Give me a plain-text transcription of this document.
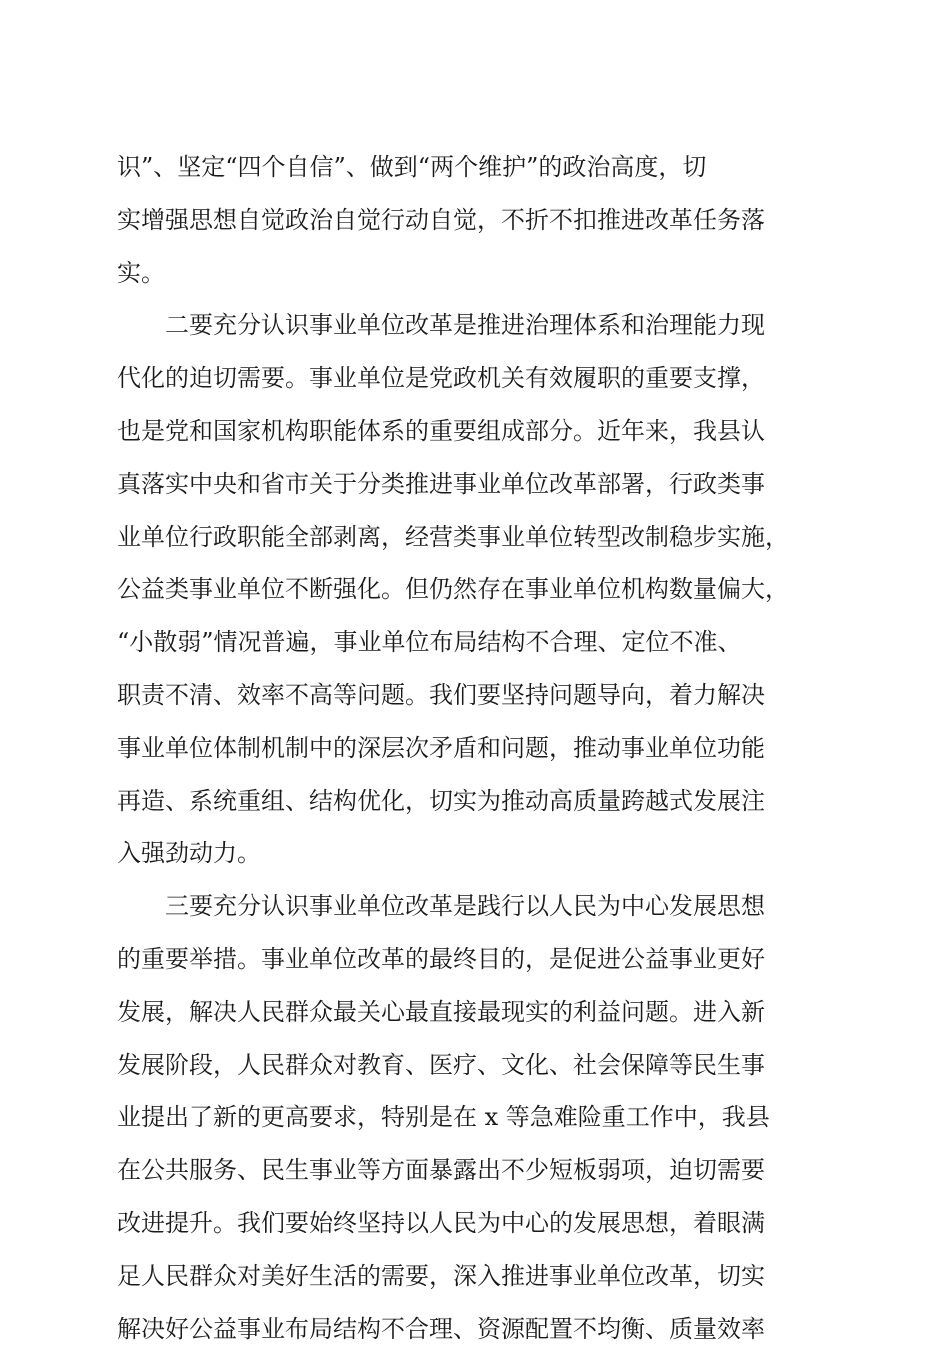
识”、坚定“四个自信”、做到“两个维护”的政治高度，切
实增强思想自觉政治自觉行动自觉，不折不扣推进改革任务落
实。
二要充分认识事业单位改革是推进治理体系和治理能力现
代化的迫切需要。事业单位是党政机关有效履职的重要支撑，
也是党和国家机构职能体系的重要组成部分。近年来，我县认
真落实中央和省市关于分类推进事业单位改革部署，行政类事
业单位行政职能全部剥离，经营类事业单位转型改制稳步实施，
公益类事业单位不断强化。但仍然存在事业单位机构数量偏大，
“小散弱”情况普遍，事业单位布局结构不合理、定位不准、
职责不清、效率不高等问题。我们要坚持问题导向，着力解决
事业单位体制机制中的深层次矛盾和问题，推动事业单位功能
再造、系统重组、结构优化，切实为推动高质量跨越式发展注
入强劲动力。
三要充分认识事业单位改革是践行以人民为中心发展思想
的重要举措。事业单位改革的最终目的，是促进公益事业更好
发展，解决人民群众最关心最直接最现实的利益问题。进入新
发展阶段，人民群众对教育、医疗、文化、社会保障等民生事
业提出了新的更高要求，特别是在 x 等急难险重工作中，我县
在公共服务、民生事业等方面暴露出不少短板弱项，迫切需要
改进提升。我们要始终坚持以人民为中心的发展思想，着眼满
足人民群众对美好生活的需要，深入推进事业单位改革，切实
解决好公益事业布局结构不合理、资源配置不均衡、质量效率
